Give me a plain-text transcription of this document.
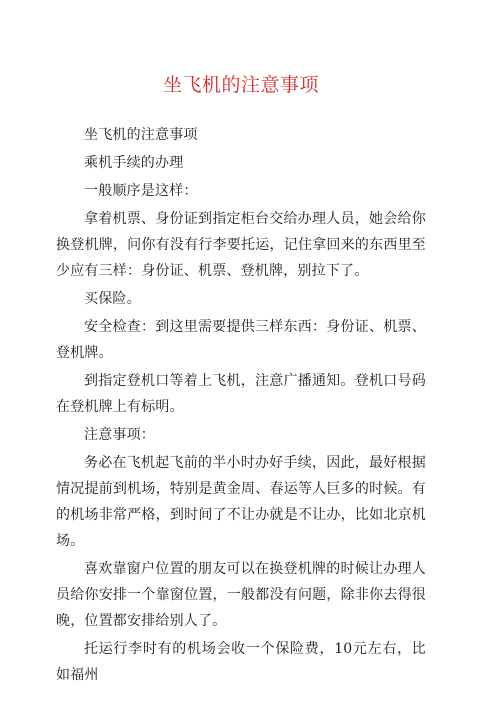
坐飞机的注意事项

坐飞机的注意事项

乘机手续的办理

一般顺序是这样：

拿着机票、身份证到指定柜台交给办理人员，她会给你换登机牌，问你有没有行李要托运，记住拿回来的东西里至少应有三样：身份证、机票、登机牌，别拉下了。

买保险。

安全检查：到这里需要提供三样东西：身份证、机票、登机牌。

到指定登机口等着上飞机，注意广播通知。登机口号码在登机牌上有标明。

注意事项：

务必在飞机起飞前的半小时办好手续，因此，最好根据情况提前到机场，特别是黄金周、春运等人巨多的时候。有的机场非常严格，到时间了不让办就是不让办，比如北京机场。

喜欢靠窗户位置的朋友可以在换登机牌的时候让办理人员给你安排一个靠窗位置，一般都没有问题，除非你去得很晚，位置都安排给别人了。

托运行李时有的机场会收一个保险费，10元左右，比如福州
